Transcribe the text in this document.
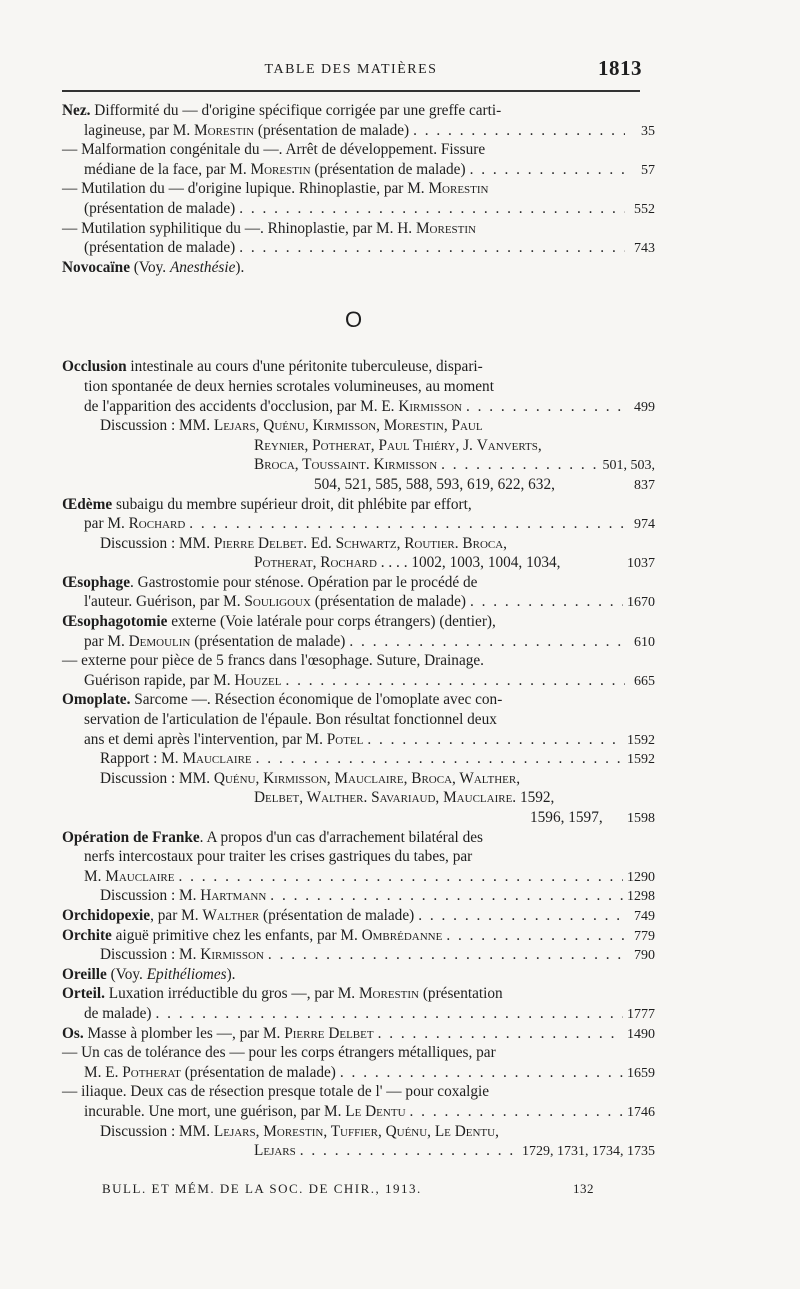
TABLE DES MATIÈRES	1813
Nez. Difformité du — d'origine spécifique corrigée par une greffe carti-
lagineuse, par M. Morestin (présentation de malade) . . .	35
— Malformation congénitale du —. Arrêt de développement. Fissure
médiane de la face, par M. Morestin (présentation de malade) . . .	57
— Mutilation du — d'origine lupique. Rhinoplastie, par M. Morestin
(présentation de malade) . . .	552
— Mutilation syphilitique du —. Rhinoplastie, par M. H. Morestin
(présentation de malade) . . .	743
Novocaïne (Voy. Anesthésie).
O
Occlusion intestinale au cours d'une péritonite tuberculeuse, dispari-
tion spontanée de deux hernies scrotales volumineuses, au moment
de l'apparition des accidents d'occlusion, par M. E. Kirmisson . . .	499
Discussion : MM. Lejars, Quénu, Kirmisson, Morestin, Paul
Reynier, Potherat, Paul Thiéry, J. Vanverts,
Broca, Toussaint. Kirmisson . . .	501, 503,
504, 521, 585, 588, 593, 619, 622, 632,	837
Œdème subaigu du membre supérieur droit, dit phlébite par effort,
par M. Rochard . . .	974
Discussion : MM. Pierre Delbet. Ed. Schwartz, Routier. Broca,
Potherat, Rochard . . . . 1002, 1003, 1004, 1034,	1037
Œsophage. Gastrostomie pour sténose. Opération par le procédé de
l'auteur. Guérison, par M. Souligoux (présentation de malade) . . .	1670
Œsophagotomie externe (Voie latérale pour corps étrangers) (dentier),
par M. Demoulin (présentation de malade) . . .	610
— externe pour pièce de 5 francs dans l'œsophage. Suture, Drainage.
Guérison rapide, par M. Houzel . . .	665
Omoplate. Sarcome —. Résection économique de l'omoplate avec con-
servation de l'articulation de l'épaule. Bon résultat fonctionnel deux
ans et demi après l'intervention, par M. Potel . . .	1592
Rapport : M. Mauclaire . . .	1592
Discussion : MM. Quénu, Kirmisson, Mauclaire, Broca, Walther,
Delbet, Walther. Savariaud, Mauclaire. 1592,
1596, 1597, 1598
Opération de Franke. A propos d'un cas d'arrachement bilatéral des
nerfs intercostaux pour traiter les crises gastriques du tabes, par
M. Mauclaire . . .	1290
Discussion : M. Hartmann . . .	1298
Orchidopexie, par M. Walther (présentation de malade) . . .	749
Orchite aiguë primitive chez les enfants, par M. Ombrédanne . . .	779
Discussion : M. Kirmisson . . .	790
Oreille (Voy. Epithéliomes).
Orteil. Luxation irréductible du gros —, par M. Morestin (présentation
de malade) . . .	1777
Os. Masse à plomber les —, par M. Pierre Delbet . . .	1490
— Un cas de tolérance des — pour les corps étrangers métalliques, par
M. E. Potherat (présentation de malade) . . .	1659
— iliaque. Deux cas de résection presque totale de l' — pour coxalgie
incurable. Une mort, une guérison, par M. Le Dentu . . .	1746
Discussion : MM. Lejars, Morestin, Tuffier, Quénu, Le Dentu,
Lejars . . .	1729, 1731, 1734, 1735
BULL. ET MÉM. DE LA SOC. DE CHIR., 1913.	132
